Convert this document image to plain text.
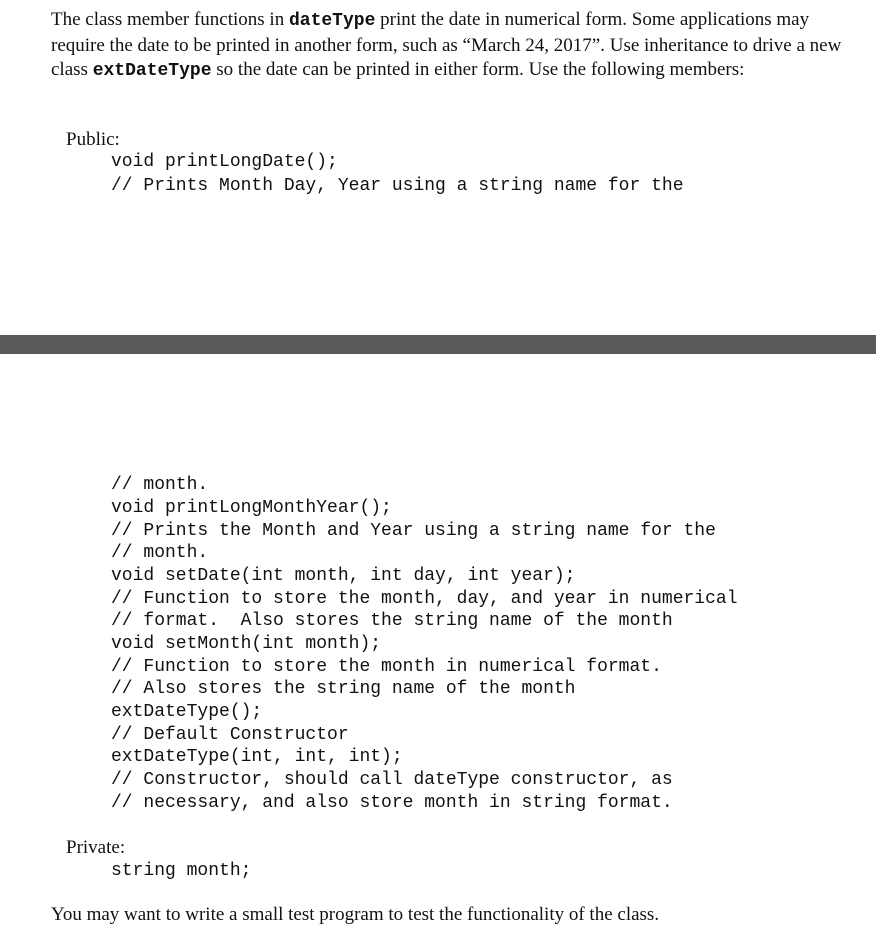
The class member functions in dateType print the date in numerical form. Some applications may require the date to be printed in another form, such as “March 24, 2017”. Use inheritance to drive a new class extDateType so the date can be printed in either form. Use the following members:

Public:
void printLongDate();
// Prints Month Day, Year using a string name for the
// month.
void printLongMonthYear();
// Prints the Month and Year using a string name for the
// month.
void setDate(int month, int day, int year);
// Function to store the month, day, and year in numerical
// format.  Also stores the string name of the month
void setMonth(int month);
// Function to store the month in numerical format.
// Also stores the string name of the month
extDateType();
// Default Constructor
extDateType(int, int, int);
// Constructor, should call dateType constructor, as
// necessary, and also store month in string format.
Private:
string month;
You may want to write a small test program to test the functionality of the class.
